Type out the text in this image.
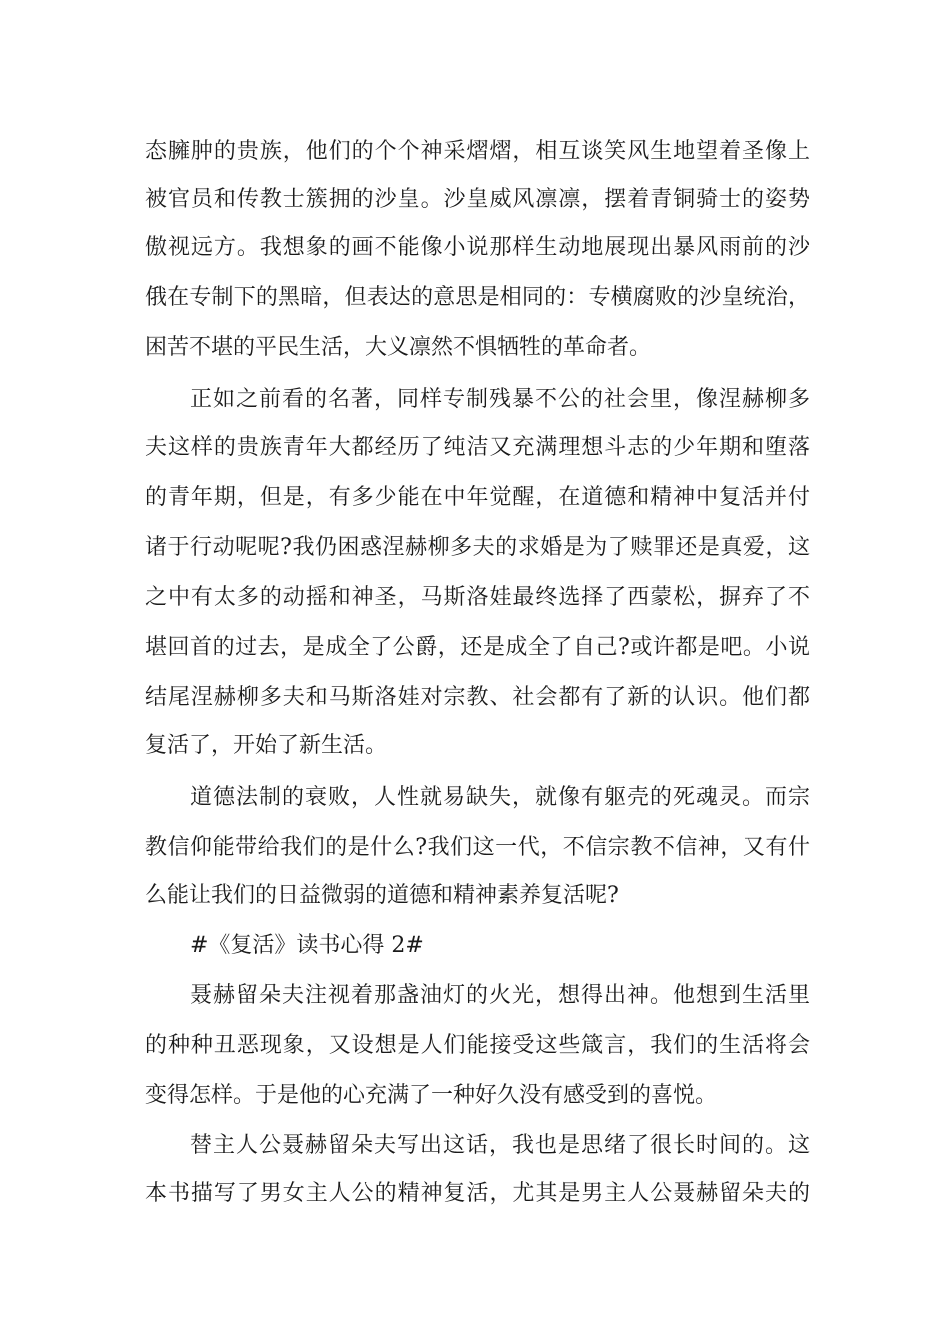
态臃肿的贵族，他们的个个神采熠熠，相互谈笑风生地望着圣像上
被官员和传教士簇拥的沙皇。沙皇威风凛凛，摆着青铜骑士的姿势
傲视远方。我想象的画不能像小说那样生动地展现出暴风雨前的沙
俄在专制下的黑暗，但表达的意思是相同的：专横腐败的沙皇统治，
困苦不堪的平民生活，大义凛然不惧牺牲的革命者。
正如之前看的名著，同样专制残暴不公的社会里，像涅赫柳多
夫这样的贵族青年大都经历了纯洁又充满理想斗志的少年期和堕落
的青年期，但是，有多少能在中年觉醒，在道德和精神中复活并付
诸于行动呢呢?我仍困惑涅赫柳多夫的求婚是为了赎罪还是真爱，这
之中有太多的动摇和神圣，马斯洛娃最终选择了西蒙松，摒弃了不
堪回首的过去，是成全了公爵，还是成全了自己?或许都是吧。小说
结尾涅赫柳多夫和马斯洛娃对宗教、社会都有了新的认识。他们都
复活了，开始了新生活。
道德法制的衰败，人性就易缺失，就像有躯壳的死魂灵。而宗
教信仰能带给我们的是什么?我们这一代，不信宗教不信神，又有什
么能让我们的日益微弱的道德和精神素养复活呢?
#《复活》读书心得 2#
聂赫留朵夫注视着那盏油灯的火光，想得出神。他想到生活里
的种种丑恶现象，又设想是人们能接受这些箴言，我们的生活将会
变得怎样。于是他的心充满了一种好久没有感受到的喜悦。
替主人公聂赫留朵夫写出这话，我也是思绪了很长时间的。这
本书描写了男女主人公的精神复活，尤其是男主人公聂赫留朵夫的
